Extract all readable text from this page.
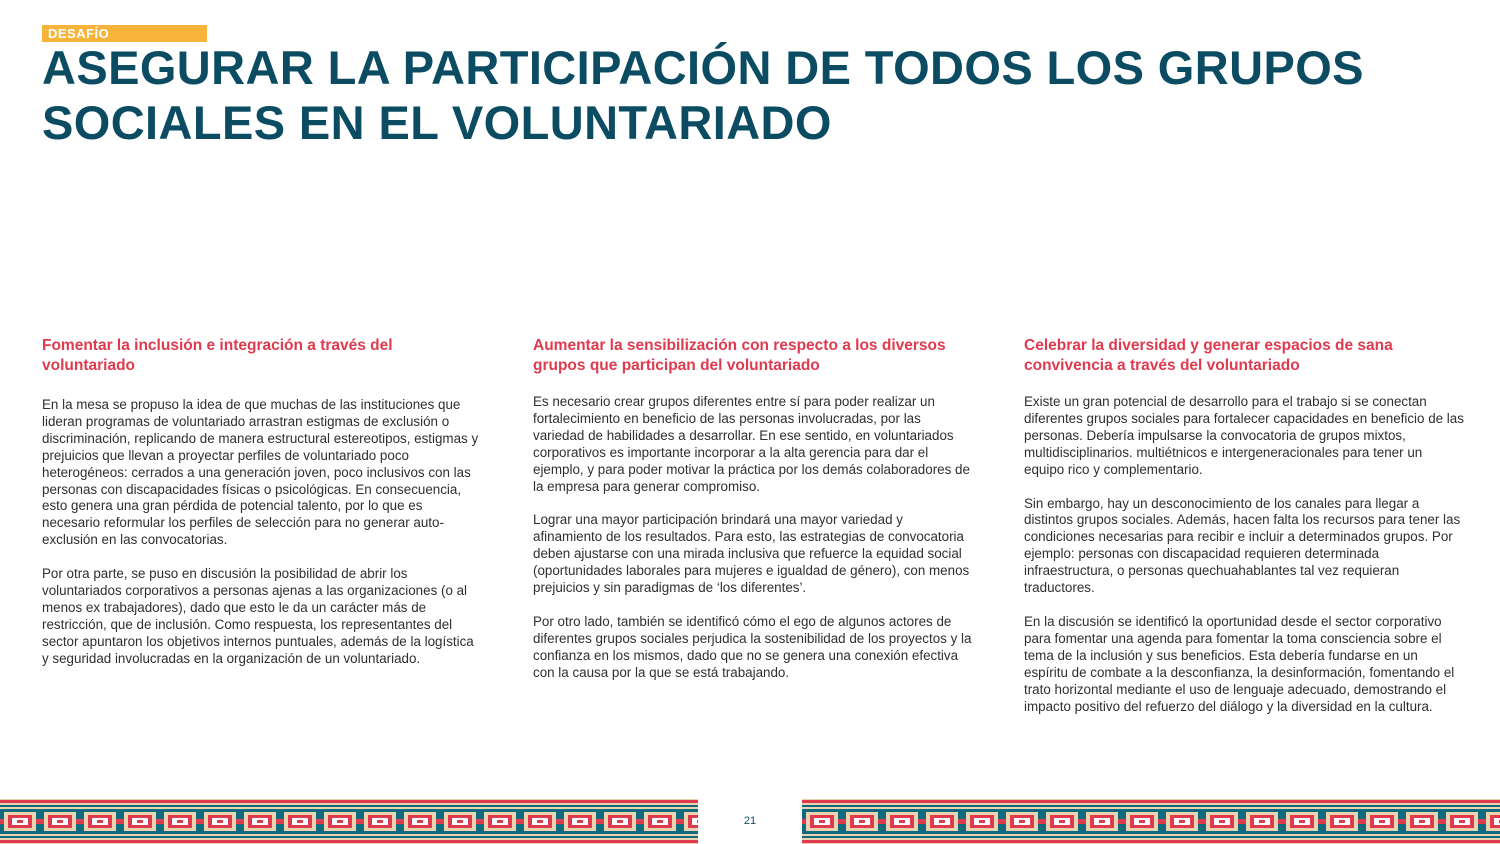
DESAFÍO
ASEGURAR LA PARTICIPACIÓN DE TODOS LOS GRUPOS
SOCIALES EN EL VOLUNTARIADO
Fomentar la inclusión e integración a través del voluntariado

En la mesa se propuso la idea de que muchas de las instituciones que lideran programas de voluntariado arrastran estigmas de exclusión o discriminación, replicando de manera estructural estereotipos, estigmas y prejuicios que llevan a proyectar perfiles de voluntariado poco heterogéneos: cerrados a una generación joven, poco inclusivos con las personas con discapacidades físicas o psicológicas. En consecuencia, esto genera una gran pérdida de potencial talento, por lo que es necesario reformular los perfiles de selección para no generar auto-exclusión en las convocatorias.

Por otra parte, se puso en discusión la posibilidad de abrir los voluntariados corporativos a personas ajenas a las organizaciones (o al menos ex trabajadores), dado que esto le da un carácter más de restricción, que de inclusión. Como respuesta, los representantes del sector apuntaron los objetivos internos puntuales, además de la logística y seguridad involucradas en la organización de un voluntariado.

Aumentar la sensibilización con respecto a los diversos grupos que participan del voluntariado

Es necesario crear grupos diferentes entre sí para poder realizar un fortalecimiento en beneficio de las personas involucradas, por las variedad de habilidades a desarrollar. En ese sentido, en voluntariados corporativos es importante incorporar a la alta gerencia para dar el ejemplo, y para poder motivar la práctica por los demás colaboradores de la empresa para generar compromiso.

Lograr una mayor participación brindará una mayor variedad y afinamiento de los resultados. Para esto, las estrategias de convocatoria deben ajustarse con una mirada inclusiva que refuerce la equidad social (oportunidades laborales para mujeres e igualdad de género), con menos prejuicios y sin paradigmas de ‘los diferentes’.

Por otro lado, también se identificó cómo el ego de algunos actores de diferentes grupos sociales perjudica la sostenibilidad de los proyectos y la confianza en los mismos, dado que no se genera una conexión efectiva con la causa por la que se está trabajando.

Celebrar la diversidad y generar espacios de sana convivencia a través del voluntariado

Existe un gran potencial de desarrollo para el trabajo si se conectan diferentes grupos sociales para fortalecer capacidades en beneficio de las personas. Debería impulsarse la convocatoria de grupos mixtos, multidisciplinarios. multiétnicos e intergeneracionales para tener un equipo rico y complementario.

Sin embargo, hay un desconocimiento de los canales para llegar a distintos grupos sociales. Además, hacen falta los recursos para tener las condiciones necesarias para recibir e incluir a determinados grupos. Por ejemplo: personas con discapacidad requieren determinada infraestructura, o personas quechuahablantes tal vez requieran traductores.

En la discusión se identificó la oportunidad desde el sector corporativo para fomentar una agenda para fomentar la toma consciencia sobre el tema de la inclusión y sus beneficios. Esta debería fundarse en un espíritu de combate a la desconfianza, la desinformación, fomentando el trato horizontal mediante el uso de lenguaje adecuado, demostrando el impacto positivo del refuerzo del diálogo y la diversidad en la cultura.

21
